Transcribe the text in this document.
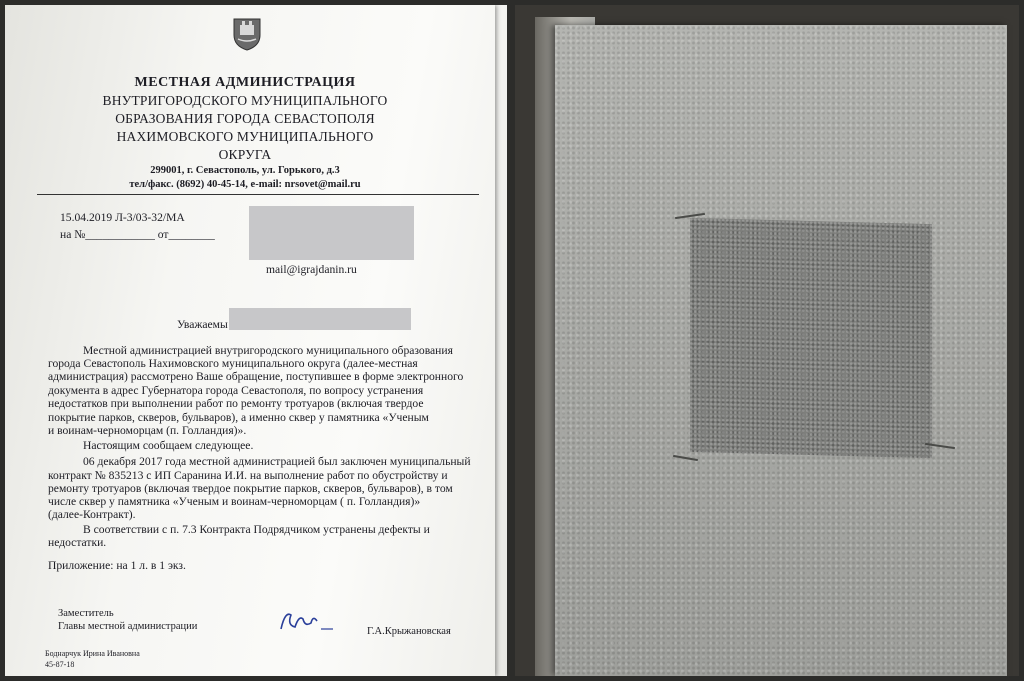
МЕСТНАЯ АДМИНИСТРАЦИЯ
ВНУТРИГОРОДСКОГО МУНИЦИПАЛЬНОГО
ОБРАЗОВАНИЯ ГОРОДА СЕВАСТОПОЛЯ
НАХИМОВСКОГО МУНИЦИПАЛЬНОГО
ОКРУГА
299001, г. Севастополь, ул. Горького, д.3
тел/факс. (8692) 40-45-14, e-mail: nrsovet@mail.ru
15.04.2019 Л-3/03-32/МА
на №____________ от________
mail@igrajdanin.ru
Уважаемы
Местной администрацией внутригородского муниципального образования
города Севастополь Нахимовского муниципального округа (далее-местная
администрация) рассмотрено Ваше обращение, поступившее в форме электронного
документа в адрес Губернатора города Севастополя, по вопросу устранения
недостатков при выполнении работ по ремонту тротуаров (включая твердое
покрытие парков, скверов, бульваров), а именно сквер у памятника «Ученым
и воинам-черноморцам (п. Голландия)».
Настоящим сообщаем следующее.
06 декабря 2017 года местной администрацией был заключен муниципальный
контракт № 835213 с ИП Саранина И.И. на выполнение работ по обустройству и
ремонту тротуаров (включая твердое покрытие парков, скверов, бульваров), в том
числе сквер у памятника «Ученым и воинам-черноморцам ( п. Голландия)»
(далее-Контракт).
В соответствии с п. 7.3 Контракта Подрядчиком устранены дефекты и
недостатки.
Приложение: на 1 л. в 1 экз.
Заместитель
Главы местной администрации	Г.А.Крыжановская
Боднарчук Ирина Ивановна
45-87-18
